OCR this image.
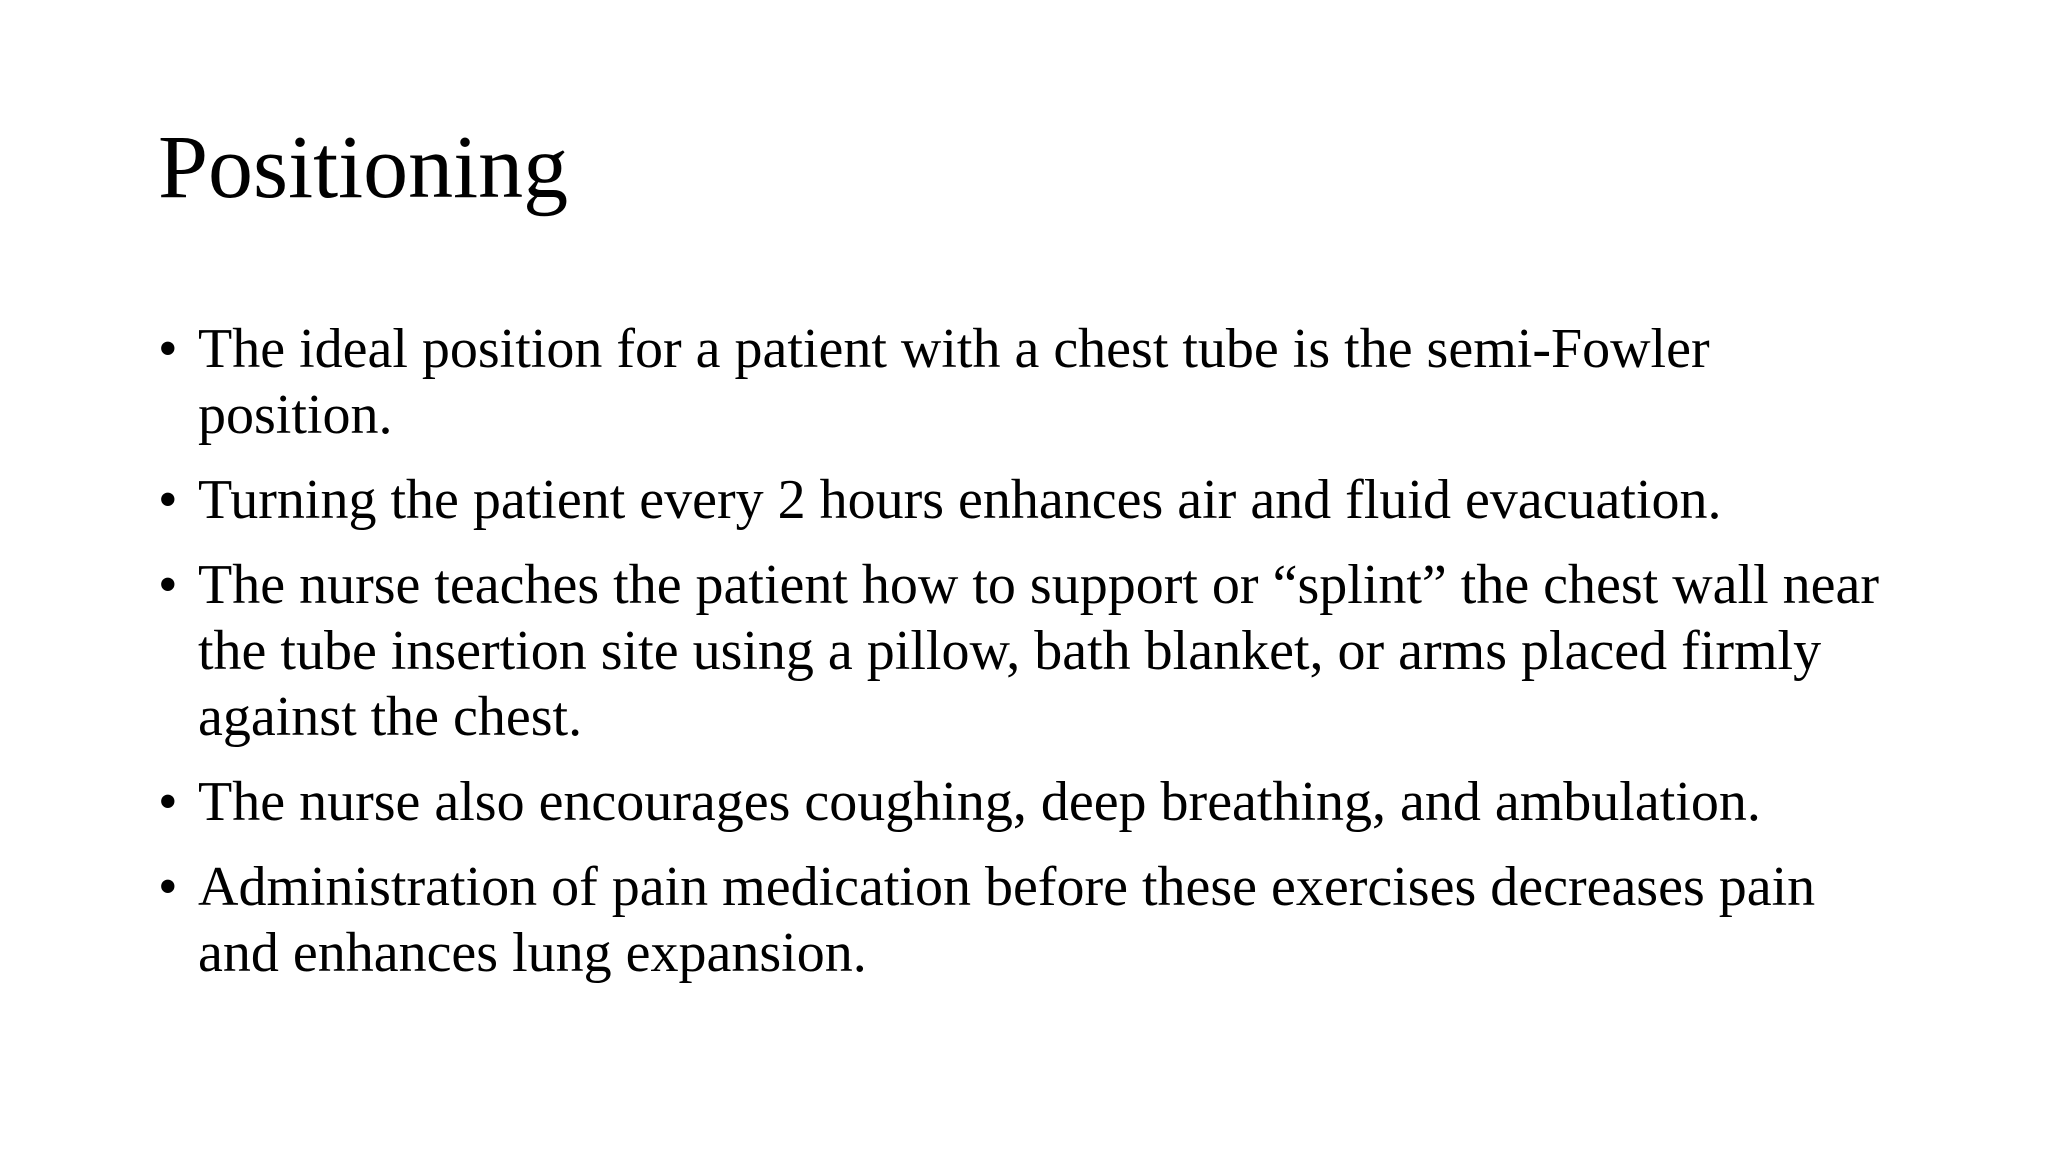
Positioning
• The ideal position for a patient with a chest tube is the semi-Fowler position.
• Turning the patient every 2 hours enhances air and fluid evacuation.
• The nurse teaches the patient how to support or “splint” the chest wall near the tube insertion site using a pillow, bath blanket, or arms placed firmly against the chest.
• The nurse also encourages coughing, deep breathing, and ambulation.
• Administration of pain medication before these exercises decreases pain and enhances lung expansion.
